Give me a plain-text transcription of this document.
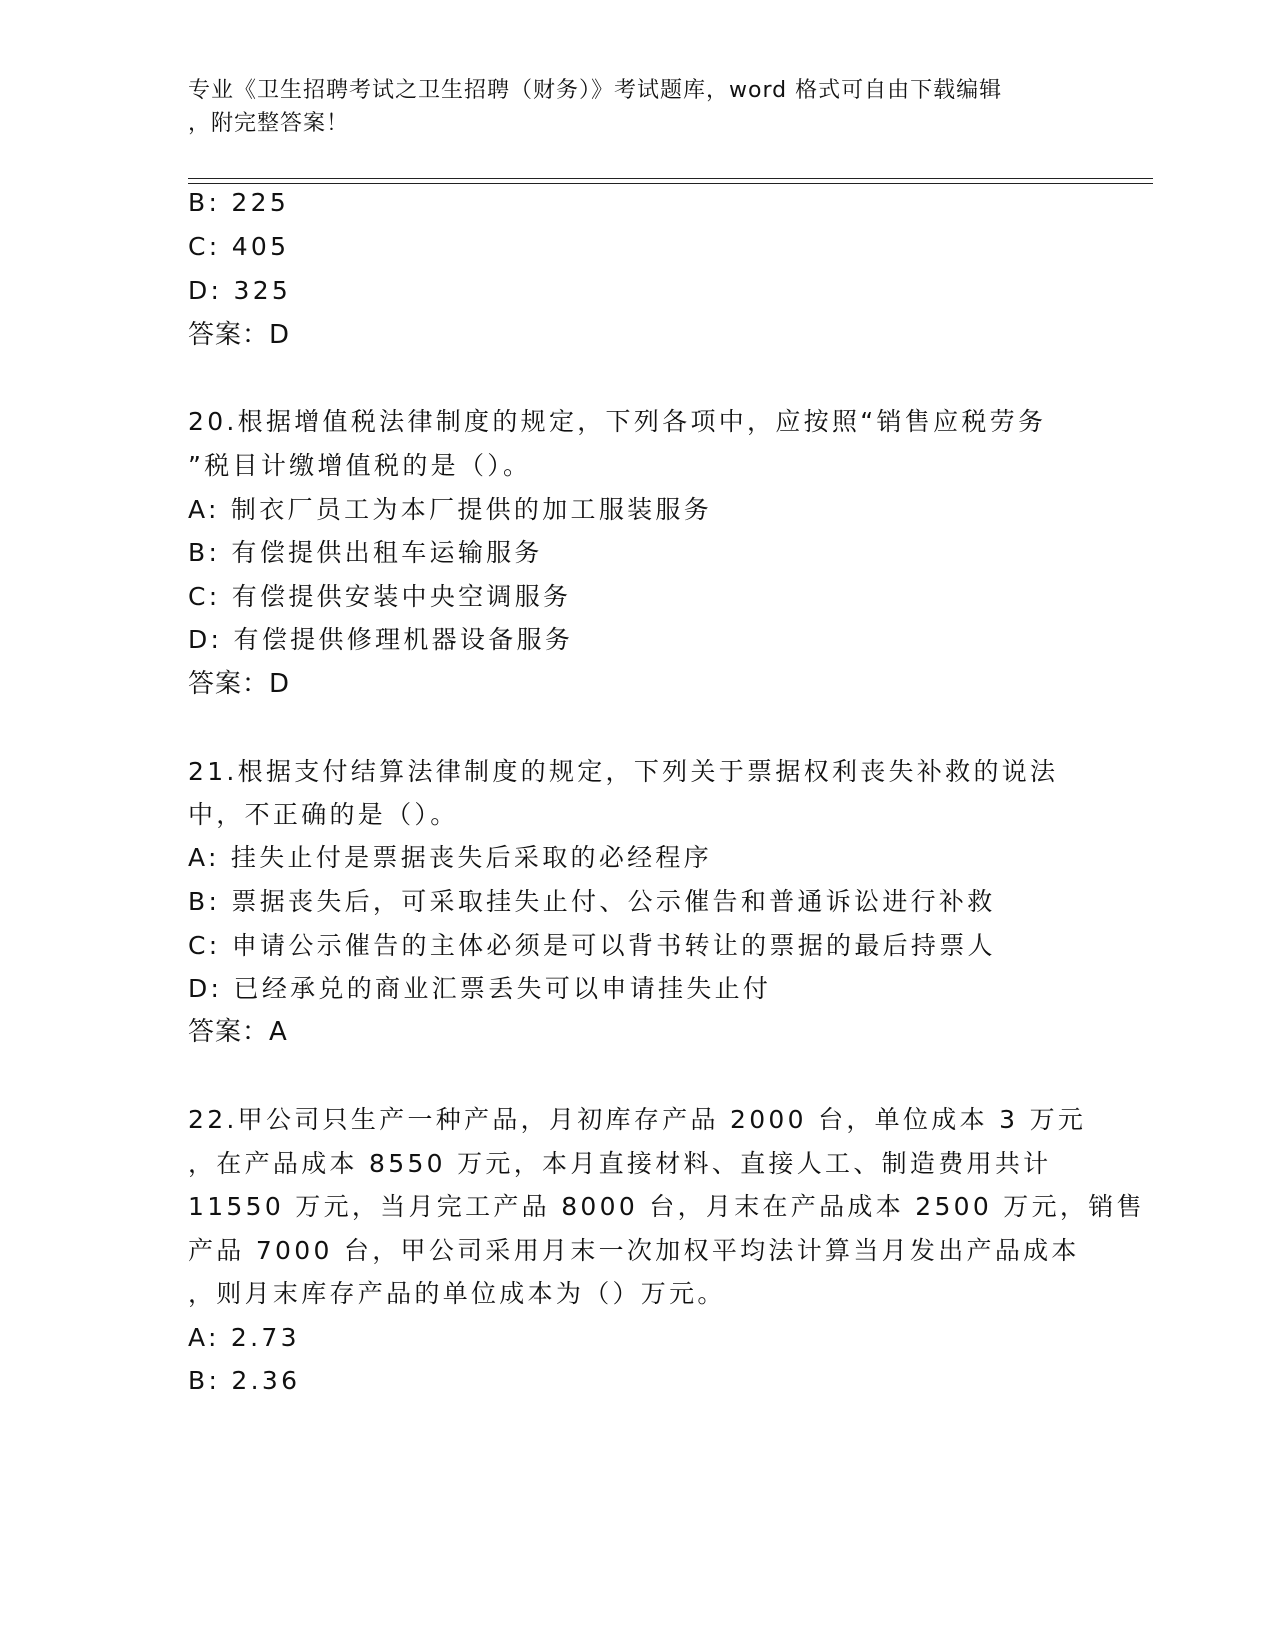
专业《卫生招聘考试之卫生招聘（财务）》考试题库，word 格式可自由下载编辑
，附完整答案！
B: 225
C: 405
D: 325
答案：D
20.根据增值税法律制度的规定，下列各项中，应按照“销售应税劳务
”税目计缴增值税的是（）。
A: 制衣厂员工为本厂提供的加工服装服务
B: 有偿提供出租车运输服务
C: 有偿提供安装中央空调服务
D: 有偿提供修理机器设备服务
答案：D
21.根据支付结算法律制度的规定，下列关于票据权利丧失补救的说法
中，不正确的是（）。
A: 挂失止付是票据丧失后采取的必经程序
B: 票据丧失后，可采取挂失止付、公示催告和普通诉讼进行补救
C: 申请公示催告的主体必须是可以背书转让的票据的最后持票人
D: 已经承兑的商业汇票丢失可以申请挂失止付
答案：A
22.甲公司只生产一种产品，月初库存产品 2000 台，单位成本 3 万元
，在产品成本 8550 万元，本月直接材料、直接人工、制造费用共计
11550 万元，当月完工产品 8000 台，月末在产品成本 2500 万元，销售
产品 7000 台，甲公司采用月末一次加权平均法计算当月发出产品成本
，则月末库存产品的单位成本为（）万元。
A: 2.73
B: 2.36
